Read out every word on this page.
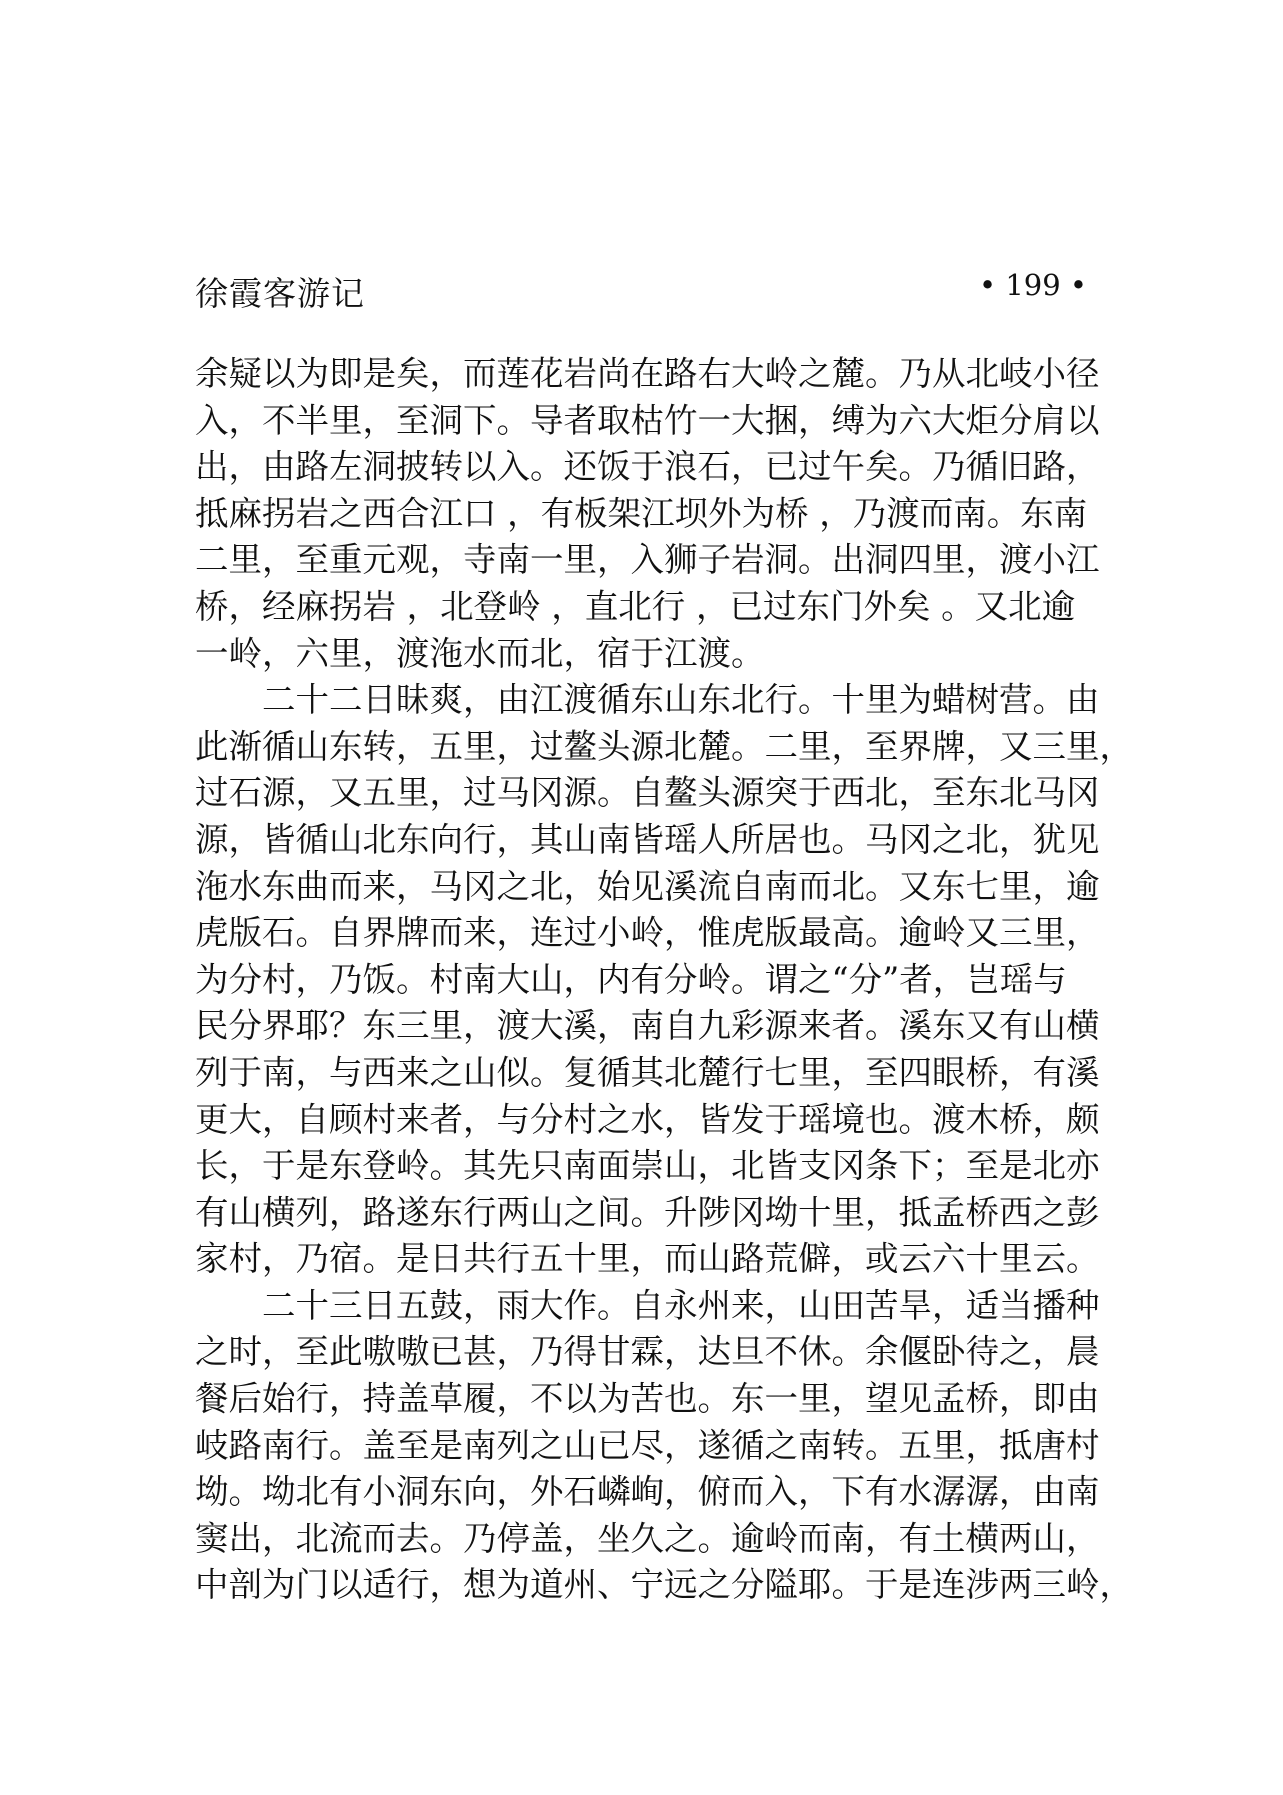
徐霞客游记	• 199 •
余疑以为即是矣，而莲花岩尚在路右大岭之麓。乃从北岐小径
入，不半里，至洞下。导者取枯竹一大捆，缚为六大炬分肩以
出，由路左洞披转以入。还饭于浪石，已过午矣。乃循旧路，
抵麻拐岩之西合江口 ，有板架江坝外为桥 ，乃渡而南。东南
二里，至重元观，寺南一里，入狮子岩洞。出洞四里，渡小江
桥，经麻拐岩 ，北登岭 ，直北行 ，已过东门外矣 。又北逾
一岭，六里，渡沲水而北，宿于江渡。
二十二日昧爽，由江渡循东山东北行。十里为蜡树营。由
此渐循山东转，五里，过鳌头源北麓。二里，至界牌，又三里，
过石源，又五里，过马冈源。自鳌头源突于西北，至东北马冈
源，皆循山北东向行，其山南皆瑶人所居也。马冈之北，犹见
沲水东曲而来，马冈之北，始见溪流自南而北。又东七里，逾
虎版石。自界牌而来，连过小岭，惟虎版最高。逾岭又三里，
为分村，乃饭。村南大山，内有分岭。谓之“分”者，岂瑶与
民分界耶？东三里，渡大溪，南自九彩源来者。溪东又有山横
列于南，与西来之山似。复循其北麓行七里，至四眼桥，有溪
更大，自顾村来者，与分村之水，皆发于瑶境也。渡木桥，颇
长，于是东登岭。其先只南面崇山，北皆支冈条下；至是北亦
有山横列，路遂东行两山之间。升陟冈坳十里，抵孟桥西之彭
家村，乃宿。是日共行五十里，而山路荒僻，或云六十里云。
二十三日五鼓，雨大作。自永州来，山田苦旱，适当播种
之时，至此嗷嗷已甚，乃得甘霖，达旦不休。余偃卧待之，晨
餐后始行，持盖草履，不以为苦也。东一里，望见孟桥，即由
岐路南行。盖至是南列之山已尽，遂循之南转。五里，抵唐村
坳。坳北有小洞东向，外石嶙峋，俯而入，下有水潺潺，由南
窦出，北流而去。乃停盖，坐久之。逾岭而南，有土横两山，
中剖为门以适行，想为道州、宁远之分隘耶。于是连涉两三岭，
